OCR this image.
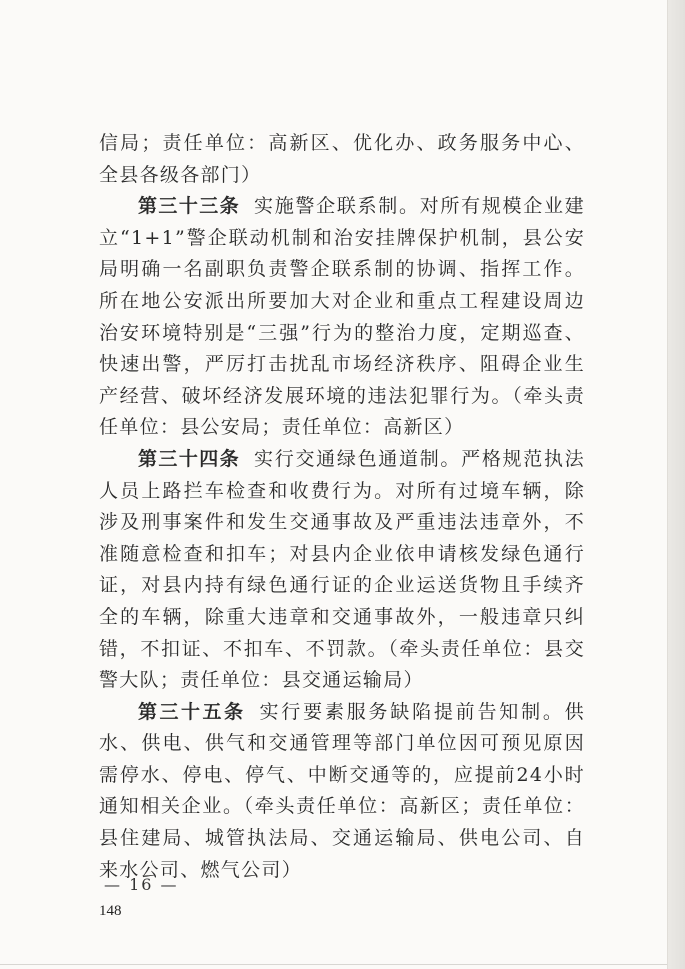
信局；责任单位：高新区、优化办、政务服务中心、全县各级各部门）

第三十三条 实施警企联系制。对所有规模企业建立“1+1”警企联动机制和治安挂牌保护机制，县公安局明确一名副职负责警企联系制的协调、指挥工作。所在地公安派出所要加大对企业和重点工程建设周边治安环境特别是“三强”行为的整治力度，定期巡查、快速出警，严厉打击扰乱市场经济秩序、阻碍企业生产经营、破坏经济发展环境的违法犯罪行为。（牵头责任单位：县公安局；责任单位：高新区）

第三十四条 实行交通绿色通道制。严格规范执法人员上路拦车检查和收费行为。对所有过境车辆，除涉及刑事案件和发生交通事故及严重违法违章外，不准随意检查和扣车；对县内企业依申请核发绿色通行证，对县内持有绿色通行证的企业运送货物且手续齐全的车辆，除重大违章和交通事故外，一般违章只纠错，不扣证、不扣车、不罚款。（牵头责任单位：县交警大队；责任单位：县交通运输局）

第三十五条 实行要素服务缺陷提前告知制。供水、供电、供气和交通管理等部门单位因可预见原因需停水、停电、停气、中断交通等的，应提前24小时通知相关企业。（牵头责任单位：高新区；责任单位：县住建局、城管执法局、交通运输局、供电公司、自来水公司、燃气公司）

— 16 —
148
